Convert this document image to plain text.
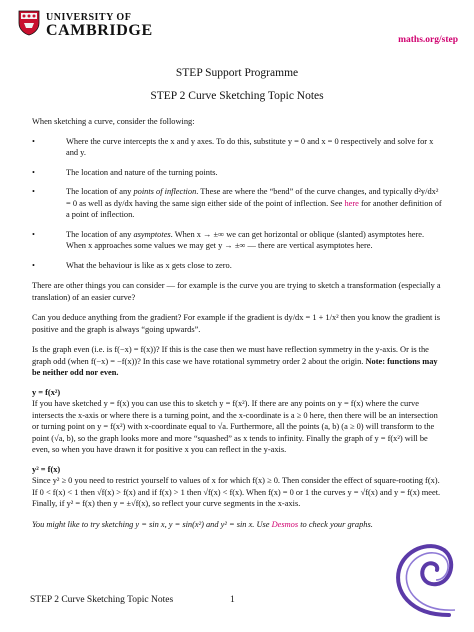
UNIVERSITY OF
CAMBRIDGE
maths.org/step
STEP Support Programme
STEP 2 Curve Sketching Topic Notes

When sketching a curve, consider the following:

• Where the curve intercepts the x and y axes. To do this, substitute y = 0 and x = 0 respectively and solve for x and y.
• The location and nature of the turning points.
• The location of any points of inflection. These are where the “bend” of the curve changes, and typically d²y/dx² = 0 as well as dy/dx having the same sign either side of the point of inflection. See here for another definition of a point of inflection.
• The location of any asymptotes. When x → ±∞ we can get horizontal or oblique (slanted) asymptotes here. When x approaches some values we may get y → ±∞ — there are vertical asymptotes here.
• What the behaviour is like as x gets close to zero.

There are other things you can consider — for example is the curve you are trying to sketch a transformation (especially a translation) of an easier curve?

Can you deduce anything from the gradient? For example if the gradient is dy/dx = 1 + 1/x² then you know the gradient is positive and the graph is always “going upwards”.

Is the graph even (i.e. is f(−x) = f(x))? If this is the case then we must have reflection symmetry in the y-axis. Or is the graph odd (when f(−x) = −f(x))? In this case we have rotational symmetry order 2 about the origin. Note: functions may be neither odd nor even.

y = f(x²)

If you have sketched y = f(x) you can use this to sketch y = f(x²). If there are any points on y = f(x) where the curve intersects the x-axis or where there is a turning point, and the x-coordinate is a ≥ 0 here, then there will be an intersection or turning point on y = f(x²) with x-coordinate equal to √a. Furthermore, all the points (a, b) (a ≥ 0) will transform to the point (√a, b), so the graph looks more and more “squashed” as x tends to infinity. Finally the graph of y = f(x²) will be even, so when you have drawn it for positive x you can reflect in the y-axis.

y² = f(x)

Since y² ≥ 0 you need to restrict yourself to values of x for which f(x) ≥ 0. Then consider the effect of square-rooting f(x). If 0 < f(x) < 1 then √f(x) > f(x) and if f(x) > 1 then √f(x) < f(x). When f(x) = 0 or 1 the curves y = √f(x) and y = f(x) meet. Finally, if y² = f(x) then y = ±√f(x), so reflect your curve segments in the x-axis.

You might like to try sketching y = sin x, y = sin(x²) and y² = sin x. Use Desmos to check your graphs.

STEP 2 Curve Sketching Topic Notes	1
